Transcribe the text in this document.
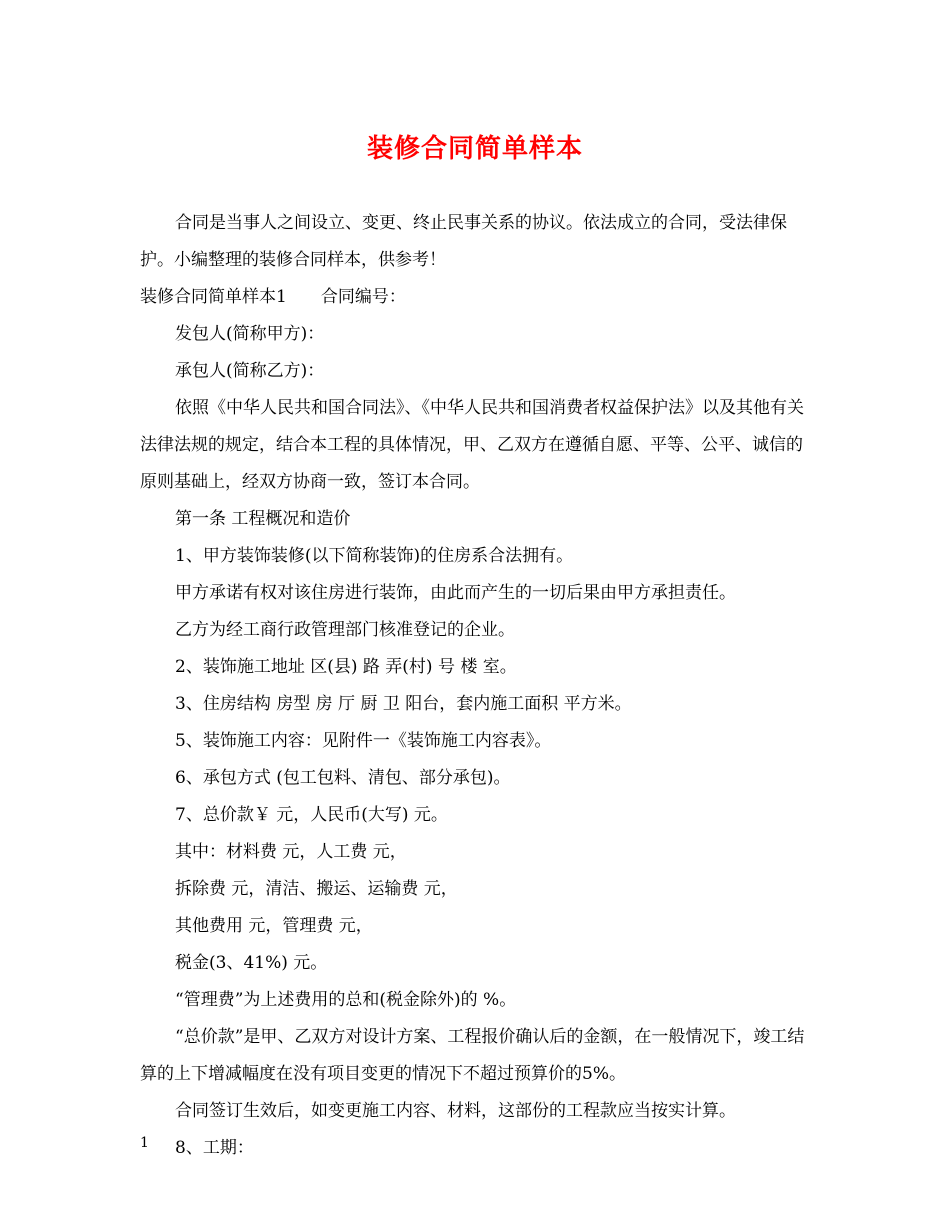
装修合同简单样本

合同是当事人之间设立、变更、终止民事关系的协议。依法成立的合同，受法律保护。小编整理的装修合同样本，供参考！

装修合同简单样本1　　合同编号：

发包人(简称甲方)：

承包人(简称乙方)：

依照《中华人民共和国合同法》、《中华人民共和国消费者权益保护法》以及其他有关法律法规的规定，结合本工程的具体情况，甲、乙双方在遵循自愿、平等、公平、诚信的原则基础上，经双方协商一致，签订本合同。

第一条 工程概况和造价

1、甲方装饰装修(以下简称装饰)的住房系合法拥有。

甲方承诺有权对该住房进行装饰，由此而产生的一切后果由甲方承担责任。

乙方为经工商行政管理部门核准登记的企业。

2、装饰施工地址 区(县) 路 弄(村) 号 楼 室。

3、住房结构 房型 房 厅 厨 卫 阳台，套内施工面积 平方米。

5、装饰施工内容：见附件一《装饰施工内容表》。

6、承包方式 (包工包料、清包、部分承包)。

7、总价款￥ 元，人民币(大写) 元。

其中：材料费 元，人工费 元，

拆除费 元，清洁、搬运、运输费 元，

其他费用 元，管理费 元，

税金(3、41%) 元。

“管理费”为上述费用的总和(税金除外)的 %。

“总价款”是甲、乙双方对设计方案、工程报价确认后的金额，在一般情况下，竣工结算的上下增减幅度在没有项目变更的情况下不超过预算价的5%。

合同签订生效后，如变更施工内容、材料，这部份的工程款应当按实计算。

8、工期：

1
